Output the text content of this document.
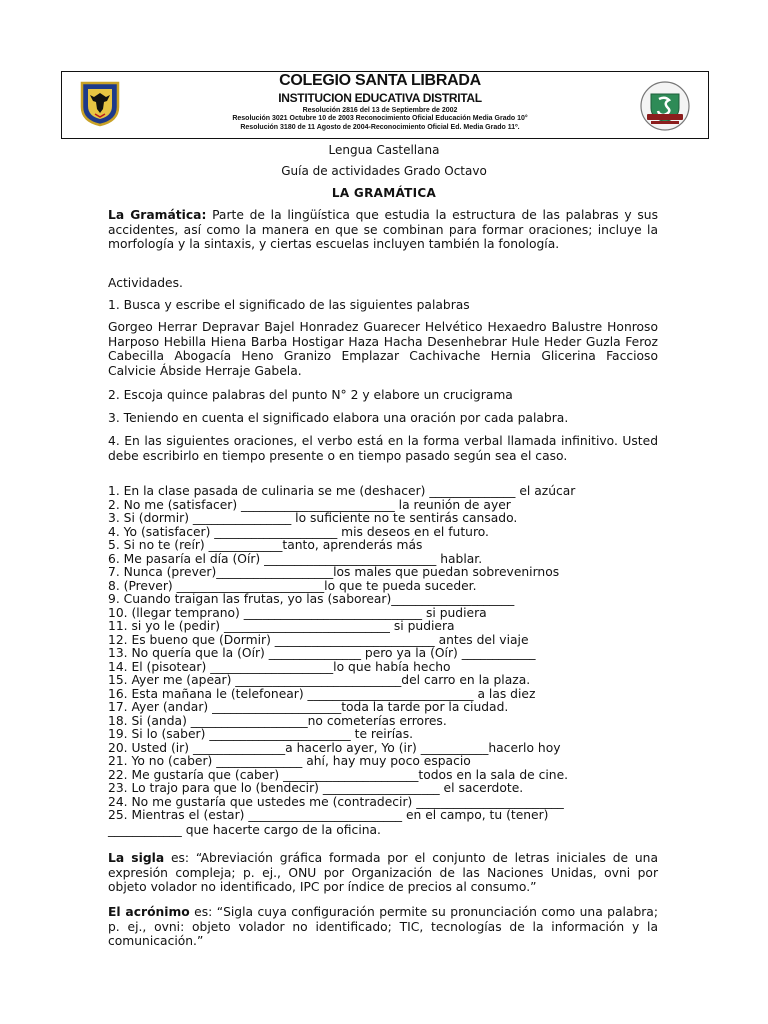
COLEGIO SANTA LIBRADA
INSTITUCION EDUCATIVA DISTRITAL
Resolución 2816 del 13 de Septiembre de 2002
Resolución 3021 Octubre 10 de 2003 Reconocimiento Oficial Educación Media Grado 10°
Resolución 3180 de 11 Agosto de 2004-Reconocimiento Oficial Ed. Media Grado 11º.
Lengua Castellana
Guía de actividades Grado Octavo
LA GRAMÁTICA
La Gramática: Parte de la lingüística que estudia la estructura de las palabras y sus accidentes, así como la manera en que se combinan para formar oraciones; incluye la morfología y la sintaxis, y ciertas escuelas incluyen también la fonología.
Actividades.
1. Busca y escribe el significado de las siguientes palabras
Gorgeo Herrar Depravar Bajel Honradez Guarecer Helvético Hexaedro Balustre Honroso Harposo Hebilla Hiena Barba Hostigar Haza Hacha Desenhebrar Hule Heder Guzla Feroz Cabecilla Abogacía Heno Granizo Emplazar Cachivache Hernia Glicerina Faccioso Calvicie Ábside Herraje Gabela.
2. Escoja quince palabras del punto N° 2 y elabore un crucigrama
3. Teniendo en cuenta el significado elabora una oración por cada palabra.
4. En las siguientes oraciones, el verbo está en la forma verbal llamada infinitivo. Usted debe escribirlo en tiempo presente o en tiempo pasado según sea el caso.
1. En la clase pasada de culinaria se me (deshacer) ______________ el azúcar
2. No me (satisfacer) _________________________ la reunión de ayer
3. Si (dormir) ________________ lo suficiente no te sentirás cansado.
4. Yo (satisfacer) ____________________ mis deseos en el futuro.
5. Si no te (reír) ____________tanto, aprenderás más
6. Me pasaría el día (Oír) ____________________________ hablar.
7. Nunca (prever)___________________los males que puedan sobrevenirnos
8. (Prever) ________________________lo que te pueda suceder.
9. Cuando traigan las frutas, yo las (saborear)____________________
10. (llegar temprano) _____________________________ si pudiera
11. si yo le (pedir) ___________________________ si pudiera
12. Es bueno que (Dormir) __________________________ antes del viaje
13. No quería que la (Oír) _______________ pero ya la (Oír) ____________
14. El (pisotear) ____________________lo que había hecho
15. Ayer me (apear) ___________________________del carro en la plaza.
16. Esta mañana le (telefonear) ___________________________ a las diez
17. Ayer (andar) _____________________toda la tarde por la ciudad.
18. Si (anda) ___________________no cometerías errores.
19. Si lo (saber) _______________________ te reirías.
20. Usted (ir) _______________a hacerlo ayer, Yo (ir) ___________hacerlo hoy
21. Yo no (caber) ______________ ahí, hay muy poco espacio
22. Me gustaría que (caber) ______________________todos en la sala de cine.
23. Lo trajo para que lo (bendecir) ___________________ el sacerdote.
24. No me gustaría que ustedes me (contradecir) ________________________
25. Mientras el (estar) _________________________ en el campo, tu (tener)
____________ que hacerte cargo de la oficina.
La sigla es: “Abreviación gráfica formada por el conjunto de letras iniciales de una expresión compleja; p. ej., ONU por Organización de las Naciones Unidas, ovni por objeto volador no identificado, IPC por índice de precios al consumo.”
El acrónimo es: “Sigla cuya configuración permite su pronunciación como una palabra; p. ej., ovni: objeto volador no identificado; TIC, tecnologías de la información y la comunicación.”
